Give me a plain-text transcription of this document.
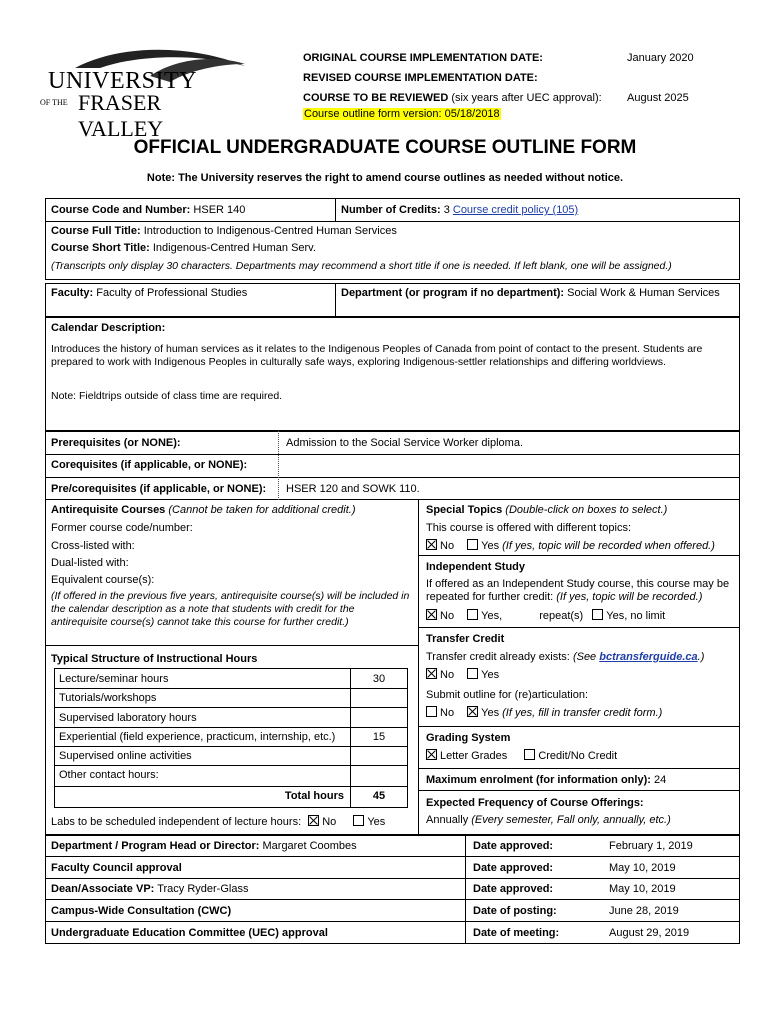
UNIVERSITY
OF THE FRASER VALLEY
ORIGINAL COURSE IMPLEMENTATION DATE:	January 2020
REVISED COURSE IMPLEMENTATION DATE:
COURSE TO BE REVIEWED (six years after UEC approval): August 2025
Course outline form version: 05/18/2018
OFFICIAL UNDERGRADUATE COURSE OUTLINE FORM
Note: The University reserves the right to amend course outlines as needed without notice.
Course Code and Number: HSER 140	Number of Credits: 3 Course credit policy (105)
Course Full Title: Introduction to Indigenous-Centred Human Services
Course Short Title: Indigenous-Centred Human Serv.
(Transcripts only display 30 characters. Departments may recommend a short title if one is needed. If left blank, one will be assigned.)
Faculty: Faculty of Professional Studies	Department (or program if no department): Social Work & Human Services
Calendar Description:
Introduces the history of human services as it relates to the Indigenous Peoples of Canada from point of contact to the present. Students are prepared to work with Indigenous Peoples in culturally safe ways, exploring Indigenous-settler relationships and differing worldviews.
Note: Fieldtrips outside of class time are required.
Prerequisites (or NONE):	Admission to the Social Service Worker diploma.
Corequisites (if applicable, or NONE):
Pre/corequisites (if applicable, or NONE): HSER 120 and SOWK 110.
Antirequisite Courses (Cannot be taken for additional credit.)
Former course code/number:
Cross-listed with:
Dual-listed with:
Equivalent course(s):
(If offered in the previous five years, antirequisite course(s) will be included in the calendar description as a note that students with credit for the antirequisite course(s) cannot take this course for further credit.)
Typical Structure of Instructional Hours
Lecture/seminar hours	30
Tutorials/workshops
Supervised laboratory hours
Experiential (field experience, practicum, internship, etc.)	15
Supervised online activities
Other contact hours:
Total hours	45
Labs to be scheduled independent of lecture hours: No	Yes
Special Topics (Double-click on boxes to select.)
This course is offered with different topics:
No Yes (If yes, topic will be recorded when offered.)
Independent Study
If offered as an Independent Study course, this course may be repeated for further credit: (If yes, topic will be recorded.)
No Yes,	repeat(s) Yes, no limit
Transfer Credit
Transfer credit already exists: (See bctransferguide.ca.)
No Yes
Submit outline for (re)articulation:
No Yes (If yes, fill in transfer credit form.)
Grading System
Letter Grades	Credit/No Credit
Maximum enrolment (for information only): 24
Expected Frequency of Course Offerings:
Annually (Every semester, Fall only, annually, etc.)
Department / Program Head or Director: Margaret Coombes	Date approved:	February 1, 2019
Faculty Council approval	Date approved:	May 10, 2019
Dean/Associate VP: Tracy Ryder-Glass	Date approved:	May 10, 2019
Campus-Wide Consultation (CWC)	Date of posting:	June 28, 2019
Undergraduate Education Committee (UEC) approval	Date of meeting:	August 29, 2019
